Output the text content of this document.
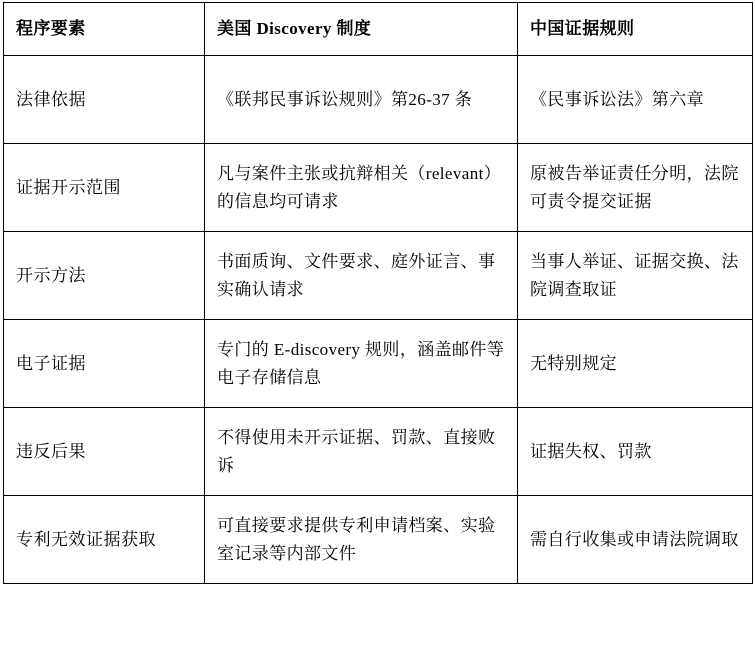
程序要素	美国 Discovery 制度	中国证据规则
法律依据	《联邦民事诉讼规则》第26-37 条	《民事诉讼法》第六章
证据开示范围	凡与案件主张或抗辩相关（relevant）的信息均可请求	原被告举证责任分明，法院可责令提交证据
开示方法	书面质询、文件要求、庭外证言、事实确认请求	当事人举证、证据交换、法院调查取证
电子证据	专门的 E-discovery 规则，涵盖邮件等电子存储信息	无特别规定
违反后果	不得使用未开示证据、罚款、直接败诉	证据失权、罚款
专利无效证据获取	可直接要求提供专利申请档案、实验室记录等内部文件	需自行收集或申请法院调取
